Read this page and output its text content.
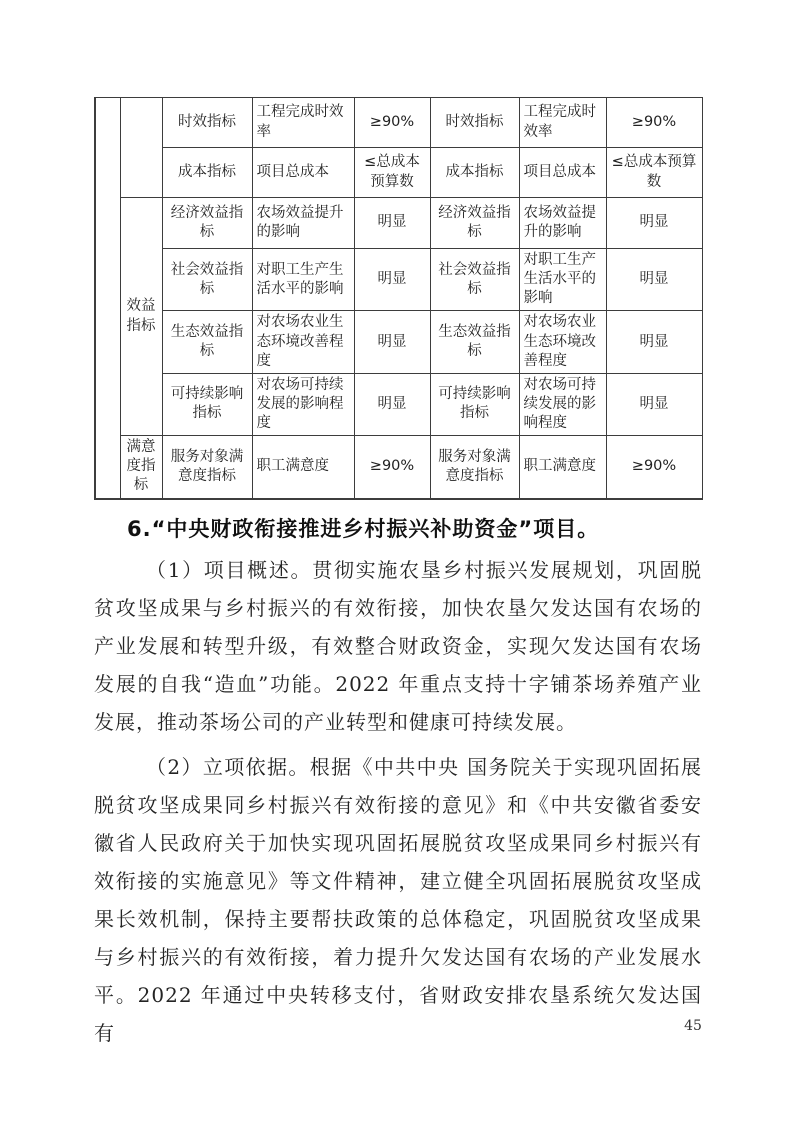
		时效指标	工程完成时效率	≥90%	时效指标	工程完成时效率	≥90%
		成本指标	项目总成本	≤总成本预算数	成本指标	项目总成本	≤总成本预算数
	效益指标	经济效益指标	农场效益提升的影响	明显	经济效益指标	农场效益提升的影响	明显
		社会效益指标	对职工生产生活水平的影响	明显	社会效益指标	对职工生产生活水平的影响	明显
		生态效益指标	对农场农业生态环境改善程度	明显	生态效益指标	对农场农业生态环境改善程度	明显
		可持续影响指标	对农场可持续发展的影响程度	明显	可持续影响指标	对农场可持续发展的影响程度	明显
	满意度指标	服务对象满意度指标	职工满意度	≥90%	服务对象满意度指标	职工满意度	≥90%
6.“中央财政衔接推进乡村振兴补助资金”项目。

（1）项目概述。贯彻实施农垦乡村振兴发展规划，巩固脱贫攻坚成果与乡村振兴的有效衔接，加快农垦欠发达国有农场的产业发展和转型升级，有效整合财政资金，实现欠发达国有农场发展的自我“造血”功能。2022 年重点支持十字铺茶场养殖产业发展，推动茶场公司的产业转型和健康可持续发展。

（2）立项依据。根据《中共中央 国务院关于实现巩固拓展脱贫攻坚成果同乡村振兴有效衔接的意见》和《中共安徽省委安徽省人民政府关于加快实现巩固拓展脱贫攻坚成果同乡村振兴有效衔接的实施意见》等文件精神，建立健全巩固拓展脱贫攻坚成果长效机制，保持主要帮扶政策的总体稳定，巩固脱贫攻坚成果与乡村振兴的有效衔接，着力提升欠发达国有农场的产业发展水平。2022 年通过中央转移支付，省财政安排农垦系统欠发达国有	45
